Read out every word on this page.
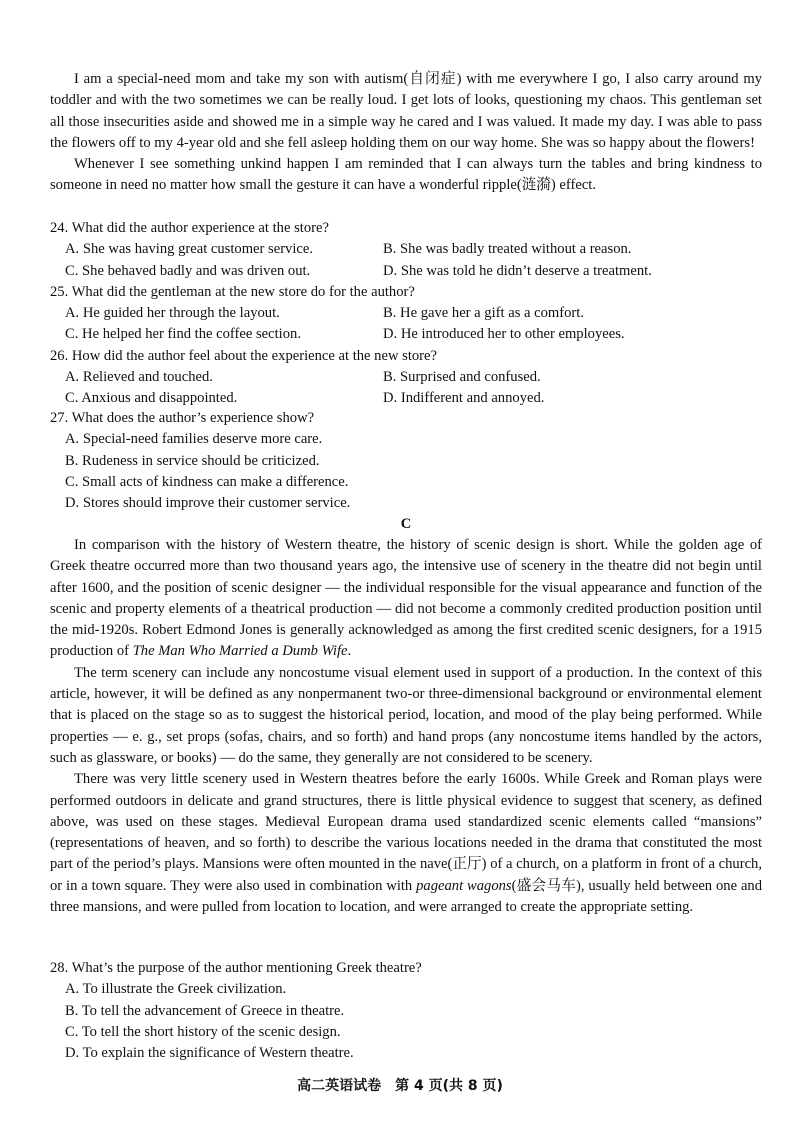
I am a special-need mom and take my son with autism(自闭症) with me everywhere I go, I also carry around my toddler and with the two sometimes we can be really loud. I get lots of looks, questioning my chaos. This gentleman set all those insecurities aside and showed me in a simple way he cared and I was valued. It made my day. I was able to pass the flowers off to my 4-year old and she fell asleep holding them on our way home. She was so happy about the flowers!

Whenever I see something unkind happen I am reminded that I can always turn the tables and bring kindness to someone in need no matter how small the gesture it can have a wonderful ripple(涟漪) effect.

24. What did the author experience at the store?

A. She was having great customer service.	B. She was badly treated without a reason.
C. She behaved badly and was driven out.	D. She was told he didn’t deserve a treatment.

25. What did the gentleman at the new store do for the author?

A. He guided her through the layout.	B. He gave her a gift as a comfort.
C. He helped her find the coffee section.	D. He introduced her to other employees.

26. How did the author feel about the experience at the new store?

A. Relieved and touched.	B. Surprised and confused.
C. Anxious and disappointed.	D. Indifferent and annoyed.

27. What does the author’s experience show?

A. Special-need families deserve more care.
B. Rudeness in service should be criticized.
C. Small acts of kindness can make a difference.
D. Stores should improve their customer service.
C

In comparison with the history of Western theatre, the history of scenic design is short. While the golden age of Greek theatre occurred more than two thousand years ago, the intensive use of scenery in the theatre did not begin until after 1600, and the position of scenic designer — the individual responsible for the visual appearance and function of the scenic and property elements of a theatrical production — did not become a commonly credited production position until the mid-1920s. Robert Edmond Jones is generally acknowledged as among the first credited scenic designers, for a 1915 production of The Man Who Married a Dumb Wife.

The term scenery can include any noncostume visual element used in support of a production. In the context of this article, however, it will be defined as any nonpermanent two-or three-dimensional background or environmental element that is placed on the stage so as to suggest the historical period, location, and mood of the play being performed. While properties — e. g., set props (sofas, chairs, and so forth) and hand props (any noncostume items handled by the actors, such as glassware, or books) — do the same, they generally are not considered to be scenery.

There was very little scenery used in Western theatres before the early 1600s. While Greek and Roman plays were performed outdoors in delicate and grand structures, there is little physical evidence to suggest that scenery, as defined above, was used on these stages. Medieval European drama used standardized scenic elements called “mansions” (representations of heaven, and so forth) to describe the various locations needed in the drama that constituted the most part of the period’s plays. Mansions were often mounted in the nave(正厅) of a church, on a platform in front of a church, or in a town square. They were also used in combination with pageant wagons(盛会马车), usually held between one and three mansions, and were pulled from location to location, and were arranged to create the appropriate setting.

28. What’s the purpose of the author mentioning Greek theatre?

A. To illustrate the Greek civilization.
B. To tell the advancement of Greece in theatre.
C. To tell the short history of the scenic design.
D. To explain the significance of Western theatre.
高二英语试卷　第 4 页(共 8 页)
